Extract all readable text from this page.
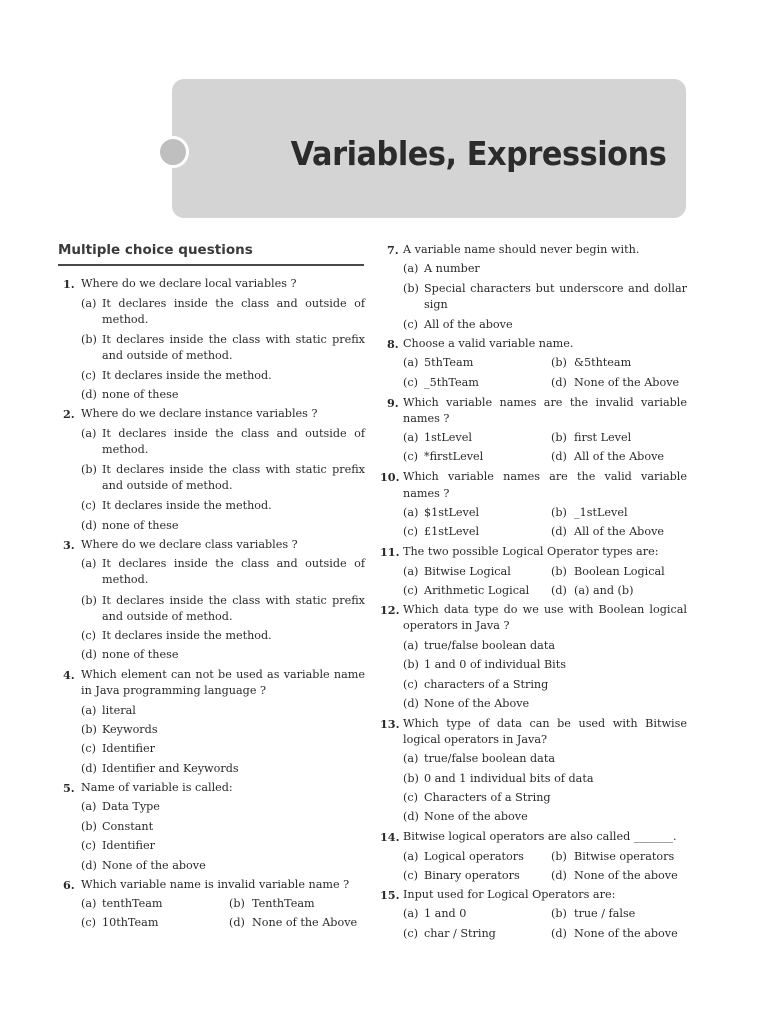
Variables, Expressions
Multiple choice questions
1. Where do we declare local variables ?
(a) It declares inside the class and outside of
method.
(b) It declares inside the class with static prefix
and outside of method.
(c) It declares inside the method.
(d) none of these
2. Where do we declare instance variables ?
(a) It declares inside the class and outside of
method.
(b) It declares inside the class with static prefix
and outside of method.
(c) It declares inside the method.
(d) none of these
3. Where do we declare class variables ?
(a) It declares inside the class and outside of
method.
(b) It declares inside the class with static prefix
and outside of method.
(c) It declares inside the method.
(d) none of these
4. Which element can not be used as variable name
in Java programming language ?
(a) literal
(b) Keywords
(c) Identifier
(d) Identifier and Keywords
5. Name of variable is called:
(a) Data Type
(b) Constant
(c) Identifier
(d) None of the above
6. Which variable name is invalid variable name ?
(a) tenthTeam	(b) TenthTeam
(c) 10thTeam	(d) None of the Above
7. A variable name should never begin with.
(a) A number
(b) Special characters but underscore and dollar
sign
(c) All of the above
8. Choose a valid variable name.
(a) 5thTeam	(b) &5thteam
(c) _5thTeam	(d) None of the Above
9. Which variable names are the invalid variable
names ?
(a) 1stLevel	(b) first Level
(c) *firstLevel	(d) All of the Above
10. Which variable names are the valid variable
names ?
(a) $1stLevel	(b) _1stLevel
(c) £1stLevel	(d) All of the Above
11. The two possible Logical Operator types are:
(a) Bitwise Logical	(b) Boolean Logical
(c) Arithmetic Logical (d) (a) and (b)
12. Which data type do we use with Boolean logical
operators in Java ?
(a) true/false boolean data
(b) 1 and 0 of individual Bits
(c) characters of a String
(d) None of the Above
13. Which type of data can be used with Bitwise
logical operators in Java?
(a) true/false boolean data
(b) 0 and 1 individual bits of data
(c) Characters of a String
(d) None of the above
14. Bitwise logical operators are also called _______.
(a) Logical operators (b) Bitwise operators
(c) Binary operators	(d) None of the above
15. Input used for Logical Operators are:
(a) 1 and 0	(b) true / false
(c) char / String	(d) None of the above
